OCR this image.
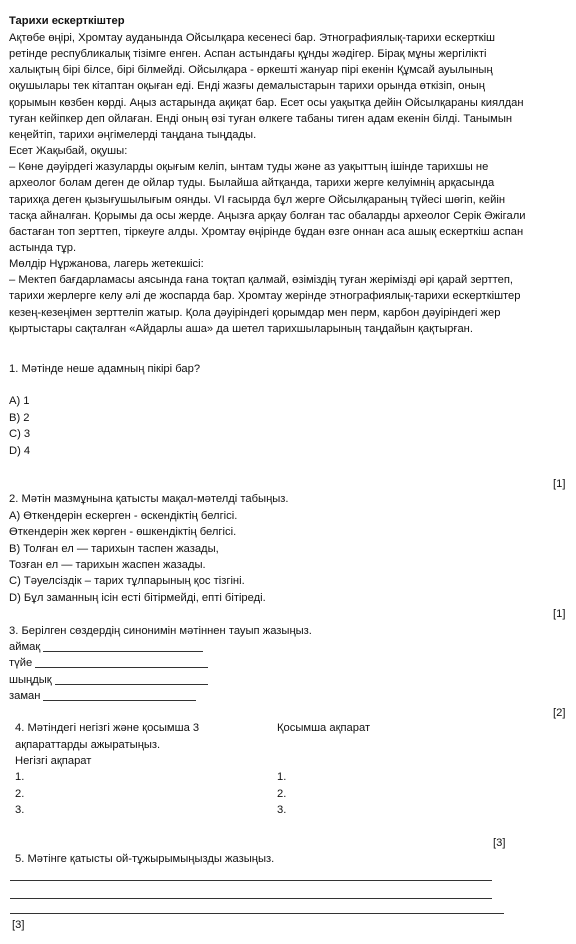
Тарихи ескерткіштер
Ақтөбе өңірі, Хромтау ауданында Ойсылқара кесенесі бар. Этнографиялық-тарихи ескерткіш
ретінде республикалық тізімге енген. Аспан астындағы құнды жәдігер. Бірақ мұны жергілікті
халықтың бірі білсе, бірі білмейді. Ойсылқара - өркешті жануар пірі екенін Құмсай ауылының
оқушылары тек кітаптан оқыған еді. Енді жазғы демалыстарын тарихи орында өткізіп, оның
қорымын көзбен көрді. Аңыз астарында ақиқат бар. Есет осы уақытқа дейін Ойсылқараны киялдан
туған кейіпкер деп ойлаған. Енді оның өзі туған өлкеге табаны тиген адам екенін білді. Танымын
кеңейтіп, тарихи әңгімелерді таңдана тыңдады.
Есет Жақыбай, оқушы:
– Көне дәуірдегі жазуларды оқығым келіп, ынтам туды және аз уақыттың ішінде тарихшы не
археолог болам деген де ойлар туды. Былайша айтқанда, тарихи жерге келуімнің арқасында
тарихқа деген қызығушылығым оянды. VI ғасырда бұл жерге Ойсылқараның түйесі шөгіп, кейін
тасқа айналған. Қорымы да осы жерде. Аңызға арқау болған тас обаларды археолог Серік Әжігали
бастаған топ зерттеп, тіркеуге алды. Хромтау өңірінде бұдан өзге оннан аса ашық ескерткіш аспан
астында тұр.
Мөлдір Нұржанова, лагерь жетекшісі:
– Мектеп бағдарламасы аясында ғана тоқтап қалмай, өзіміздің туған жерімізді әрі қарай зерттеп,
тарихи жерлерге келу әлі де жоспарда бар. Хромтау жерінде этнографиялық-тарихи ескерткіштер
кезең-кезеңімен зерттеліп жатыр. Қола дәуіріндегі қорымдар мен перм, карбон дәуіріндегі жер
қыртыстары сақталған «Айдарлы аша» да шетел тарихшыларының таңдайын қақтырған.
1. Мәтінде неше адамның пікірі бар?
A) 1
B) 2
C) 3
D) 4
[1]
2. Мәтін мазмұнына қатысты мақал-мәтелді табыңыз.
A) Өткендерін ескерген - өскендіктің белгісі.
Өткендерін жек көрген - өшкендіктің белгісі.
B) Толған ел — тарихын таспен жазады,
Тозған ел — тарихын жаспен жазады.
C) Тәуелсіздік – тарих тұлпарының қос тізгіні.
D) Бұл заманның ісін есті бітірмейді, епті бітіреді.
[1]
3. Берілген сөздердің синонимін мәтіннен тауып жазыңыз.
аймақ
түйе
шыңдық
заман
[2]
4. Мәтіндегі негізгі және қосымша 3
ақпараттарды ажыратыңыз.
Негізгі ақпарат
Қосымша ақпарат
1.
2.
3.
1.
2.
3.
[3]
5. Мәтінге қатысты ой-тұжырымыңызды жазыңыз.
[3]
